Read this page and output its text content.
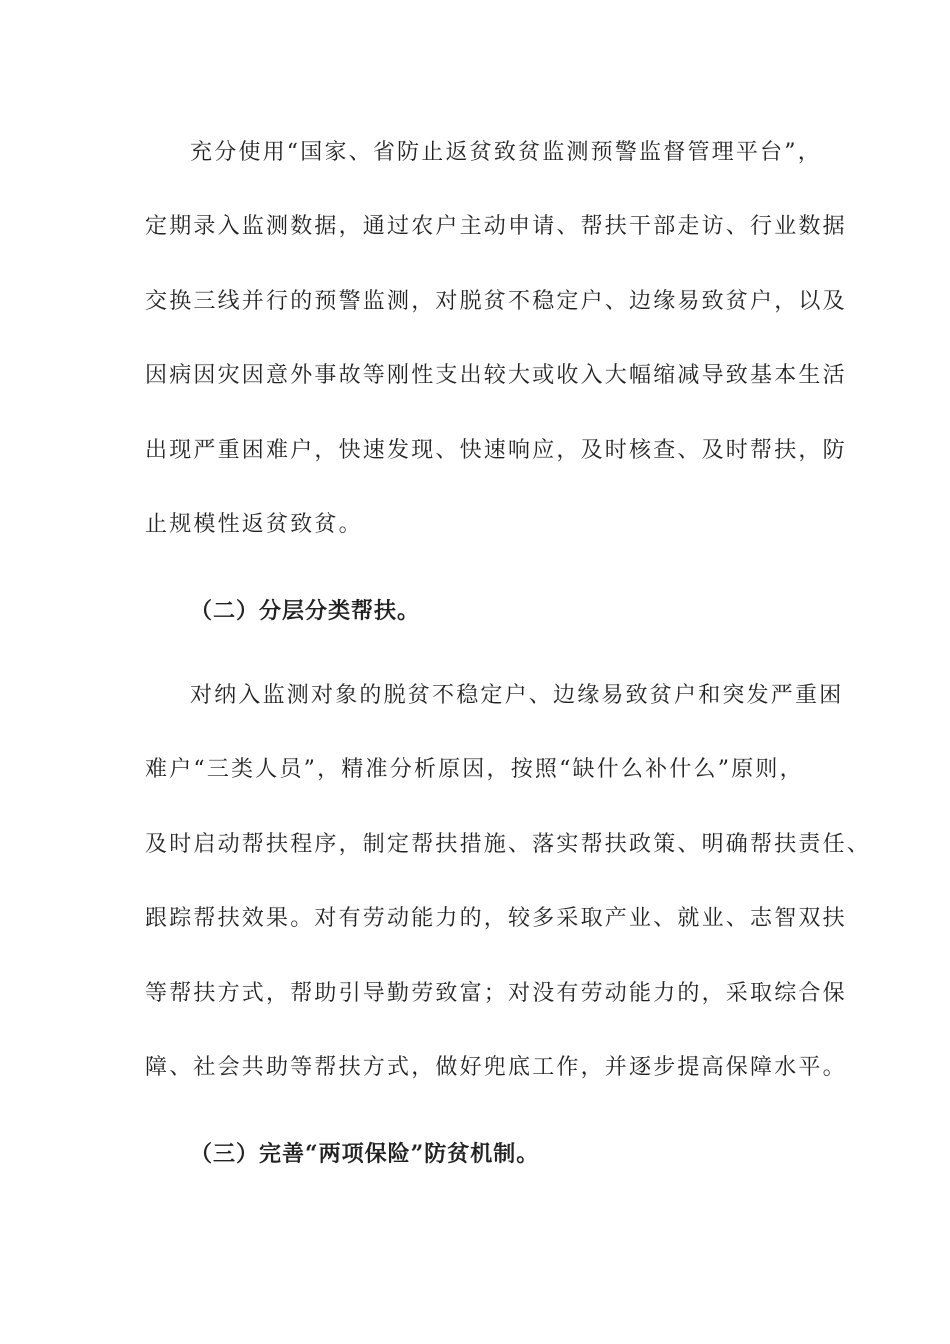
充分使用“国家、省防止返贫致贫监测预警监督管理平台”，
定期录入监测数据，通过农户主动申请、帮扶干部走访、行业数据
交换三线并行的预警监测，对脱贫不稳定户、边缘易致贫户，以及
因病因灾因意外事故等刚性支出较大或收入大幅缩减导致基本生活
出现严重困难户，快速发现、快速响应，及时核查、及时帮扶，防
止规模性返贫致贫。
（二）分层分类帮扶。
对纳入监测对象的脱贫不稳定户、边缘易致贫户和突发严重困
难户“三类人员”，精准分析原因，按照“缺什么补什么”原则，
及时启动帮扶程序，制定帮扶措施、落实帮扶政策、明确帮扶责任、
跟踪帮扶效果。对有劳动能力的，较多采取产业、就业、志智双扶
等帮扶方式，帮助引导勤劳致富；对没有劳动能力的，采取综合保
障、社会共助等帮扶方式，做好兜底工作，并逐步提高保障水平。
（三）完善“两项保险”防贫机制。
